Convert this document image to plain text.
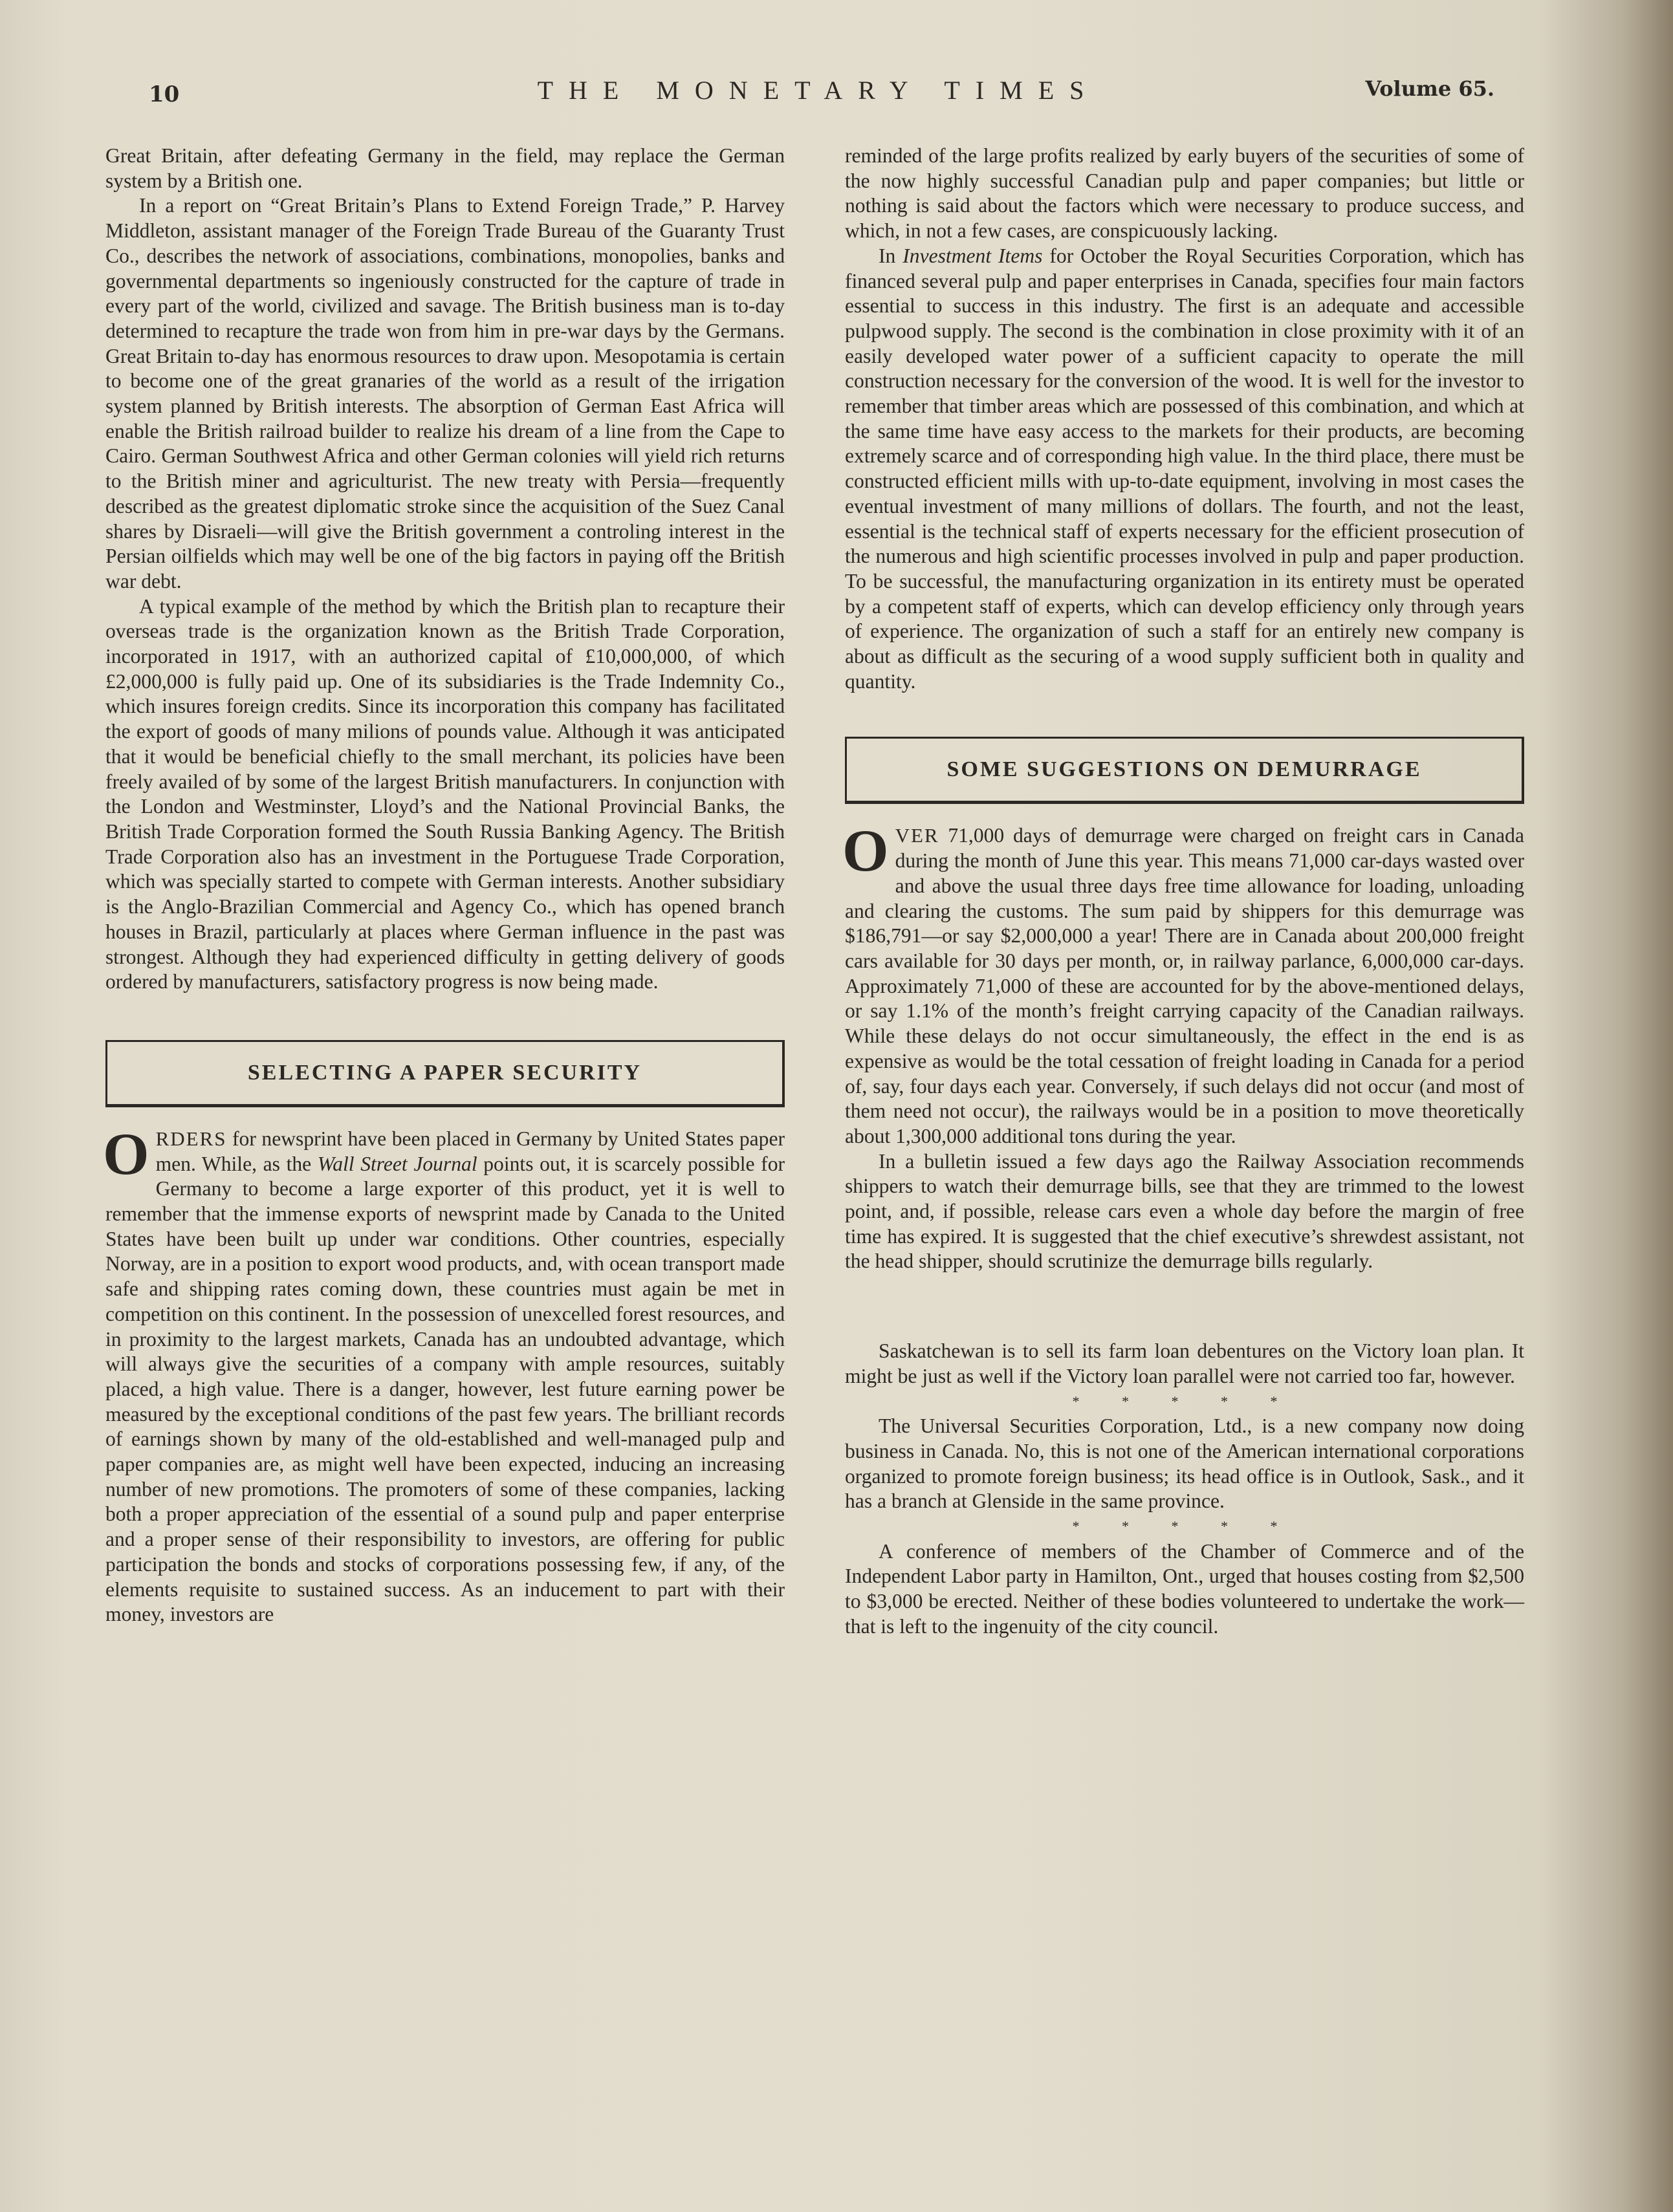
10	THE MONETARY TIMES	Volume 65.

Great Britain, after defeating Germany in the field, may replace the German system by a British one.

In a report on “Great Britain’s Plans to Extend Foreign Trade,” P. Harvey Middleton, assistant manager of the Foreign Trade Bureau of the Guaranty Trust Co., describes the network of associations, combinations, monopolies, banks and governmental departments so ingeniously constructed for the capture of trade in every part of the world, civilized and savage. The British business man is to-day determined to recapture the trade won from him in pre-war days by the Germans. Great Britain to-day has enormous resources to draw upon. Mesopotamia is certain to become one of the great granaries of the world as a result of the irrigation system planned by British interests. The absorption of German East Africa will enable the British railroad builder to realize his dream of a line from the Cape to Cairo. German Southwest Africa and other German colonies will yield rich returns to the British miner and agriculturist. The new treaty with Persia—frequently described as the greatest diplomatic stroke since the acquisition of the Suez Canal shares by Disraeli—will give the British government a controling interest in the Persian oilfields which may well be one of the big factors in paying off the British war debt.

A typical example of the method by which the British plan to recapture their overseas trade is the organization known as the British Trade Corporation, incorporated in 1917, with an authorized capital of £10,000,000, of which £2,000,000 is fully paid up. One of its subsidiaries is the Trade Indemnity Co., which insures foreign credits. Since its incorporation this company has facilitated the export of goods of many milions of pounds value. Although it was anticipated that it would be beneficial chiefly to the small merchant, its policies have been freely availed of by some of the largest British manufacturers. In conjunction with the London and Westminster, Lloyd’s and the National Provincial Banks, the British Trade Corporation formed the South Russia Banking Agency. The British Trade Corporation also has an investment in the Portuguese Trade Corporation, which was specially started to compete with German interests. Another subsidiary is the Anglo-Brazilian Commercial and Agency Co., which has opened branch houses in Brazil, particularly at places where German influence in the past was strongest. Although they had experienced difficulty in getting delivery of goods ordered by manufacturers, satisfactory progress is now being made.

SELECTING A PAPER SECURITY

ORDERS for newsprint have been placed in Germany by United States paper men. While, as the Wall Street Journal points out, it is scarcely possible for Germany to become a large exporter of this product, yet it is well to remember that the immense exports of newsprint made by Canada to the United States have been built up under war conditions. Other countries, especially Norway, are in a position to export wood products, and, with ocean transport made safe and shipping rates coming down, these countries must again be met in competition on this continent. In the possession of unexcelled forest resources, and in proximity to the largest markets, Canada has an undoubted advantage, which will always give the securities of a company with ample resources, suitably placed, a high value. There is a danger, however, lest future earning power be measured by the exceptional conditions of the past few years. The brilliant records of earnings shown by many of the old-established and well-managed pulp and paper companies are, as might well have been expected, inducing an increasing number of new promotions. The promoters of some of these companies, lacking both a proper appreciation of the essential of a sound pulp and paper enterprise and a proper sense of their responsibility to investors, are offering for public participation the bonds and stocks of corporations possessing few, if any, of the elements requisite to sustained success. As an inducement to part with their money, investors are

reminded of the large profits realized by early buyers of the securities of some of the now highly successful Canadian pulp and paper companies; but little or nothing is said about the factors which were necessary to produce success, and which, in not a few cases, are conspicuously lacking.

In Investment Items for October the Royal Securities Corporation, which has financed several pulp and paper enterprises in Canada, specifies four main factors essential to success in this industry. The first is an adequate and accessible pulpwood supply. The second is the combination in close proximity with it of an easily developed water power of a sufficient capacity to operate the mill construction necessary for the conversion of the wood. It is well for the investor to remember that timber areas which are possessed of this combination, and which at the same time have easy access to the markets for their products, are becoming extremely scarce and of corresponding high value. In the third place, there must be constructed efficient mills with up-to-date equipment, involving in most cases the eventual investment of many millions of dollars. The fourth, and not the least, essential is the technical staff of experts necessary for the efficient prosecution of the numerous and high scientific processes involved in pulp and paper production. To be successful, the manufacturing organization in its entirety must be operated by a competent staff of experts, which can develop efficiency only through years of experience. The organization of such a staff for an entirely new company is about as difficult as the securing of a wood supply sufficient both in quality and quantity.

SOME SUGGESTIONS ON DEMURRAGE

OVER 71,000 days of demurrage were charged on freight cars in Canada during the month of June this year. This means 71,000 car-days wasted over and above the usual three days free time allowance for loading, unloading and clearing the customs. The sum paid by shippers for this demurrage was $186,791—or say $2,000,000 a year! There are in Canada about 200,000 freight cars available for 30 days per month, or, in railway parlance, 6,000,000 car-days. Approximately 71,000 of these are accounted for by the above-mentioned delays, or say 1.1% of the month’s freight carrying capacity of the Canadian railways. While these delays do not occur simultaneously, the effect in the end is as expensive as would be the total cessation of freight loading in Canada for a period of, say, four days each year. Conversely, if such delays did not occur (and most of them need not occur), the railways would be in a position to move theoretically about 1,300,000 additional tons during the year.

In a bulletin issued a few days ago the Railway Association recommends shippers to watch their demurrage bills, see that they are trimmed to the lowest point, and, if possible, release cars even a whole day before the margin of free time has expired. It is suggested that the chief executive’s shrewdest assistant, not the head shipper, should scrutinize the demurrage bills regularly.

Saskatchewan is to sell its farm loan debentures on the Victory loan plan. It might be just as well if the Victory loan parallel were not carried too far, however.

* * * * *

The Universal Securities Corporation, Ltd., is a new company now doing business in Canada. No, this is not one of the American international corporations organized to promote foreign business; its head office is in Outlook, Sask., and it has a branch at Glenside in the same province.

* * * * *

A conference of members of the Chamber of Commerce and of the Independent Labor party in Hamilton, Ont., urged that houses costing from $2,500 to $3,000 be erected. Neither of these bodies volunteered to undertake the work—that is left to the ingenuity of the city council.
